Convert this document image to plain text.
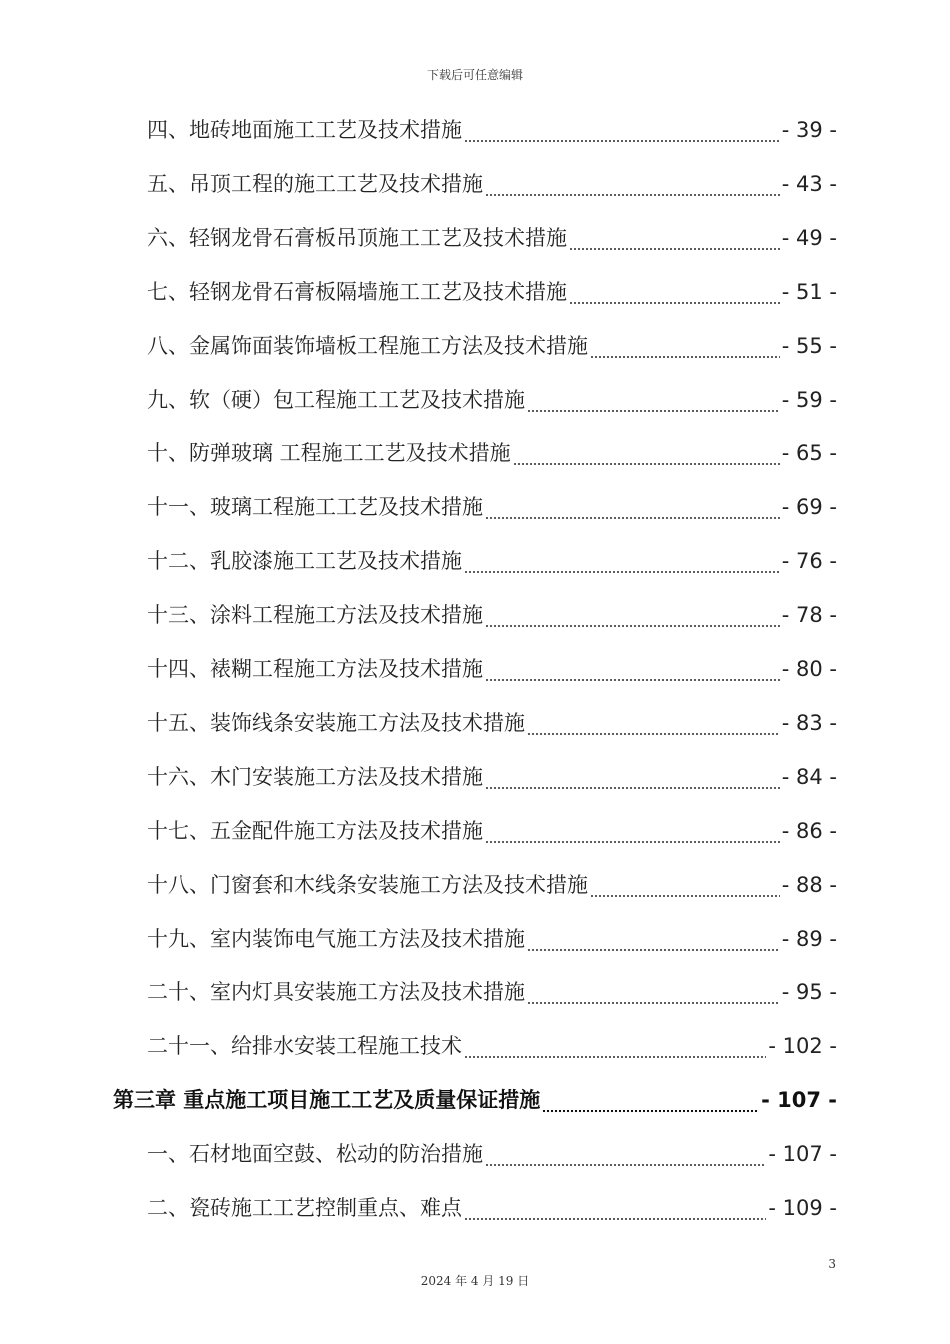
下载后可任意编辑
四、地砖地面施工工艺及技术措施	- 39 -
五、吊顶工程的施工工艺及技术措施	- 43 -
六、轻钢龙骨石膏板吊顶施工工艺及技术措施	- 49 -
七、轻钢龙骨石膏板隔墙施工工艺及技术措施	- 51 -
八、金属饰面装饰墙板工程施工方法及技术措施	- 55 -
九、软（硬）包工程施工工艺及技术措施	- 59 -
十、防弹玻璃 工程施工工艺及技术措施	- 65 -
十一、玻璃工程施工工艺及技术措施	- 69 -
十二、乳胶漆施工工艺及技术措施	- 76 -
十三、涂料工程施工方法及技术措施	- 78 -
十四、裱糊工程施工方法及技术措施	- 80 -
十五、装饰线条安装施工方法及技术措施	- 83 -
十六、木门安装施工方法及技术措施	- 84 -
十七、五金配件施工方法及技术措施	- 86 -
十八、门窗套和木线条安装施工方法及技术措施	- 88 -
十九、室内装饰电气施工方法及技术措施	- 89 -
二十、室内灯具安装施工方法及技术措施	- 95 -
二十一、给排水安装工程施工技术	- 102 -
第三章 重点施工项目施工工艺及质量保证措施	- 107 -
一、石材地面空鼓、松动的防治措施	- 107 -
二、瓷砖施工工艺控制重点、难点	- 109 -
3
2024 年 4 月 19 日
